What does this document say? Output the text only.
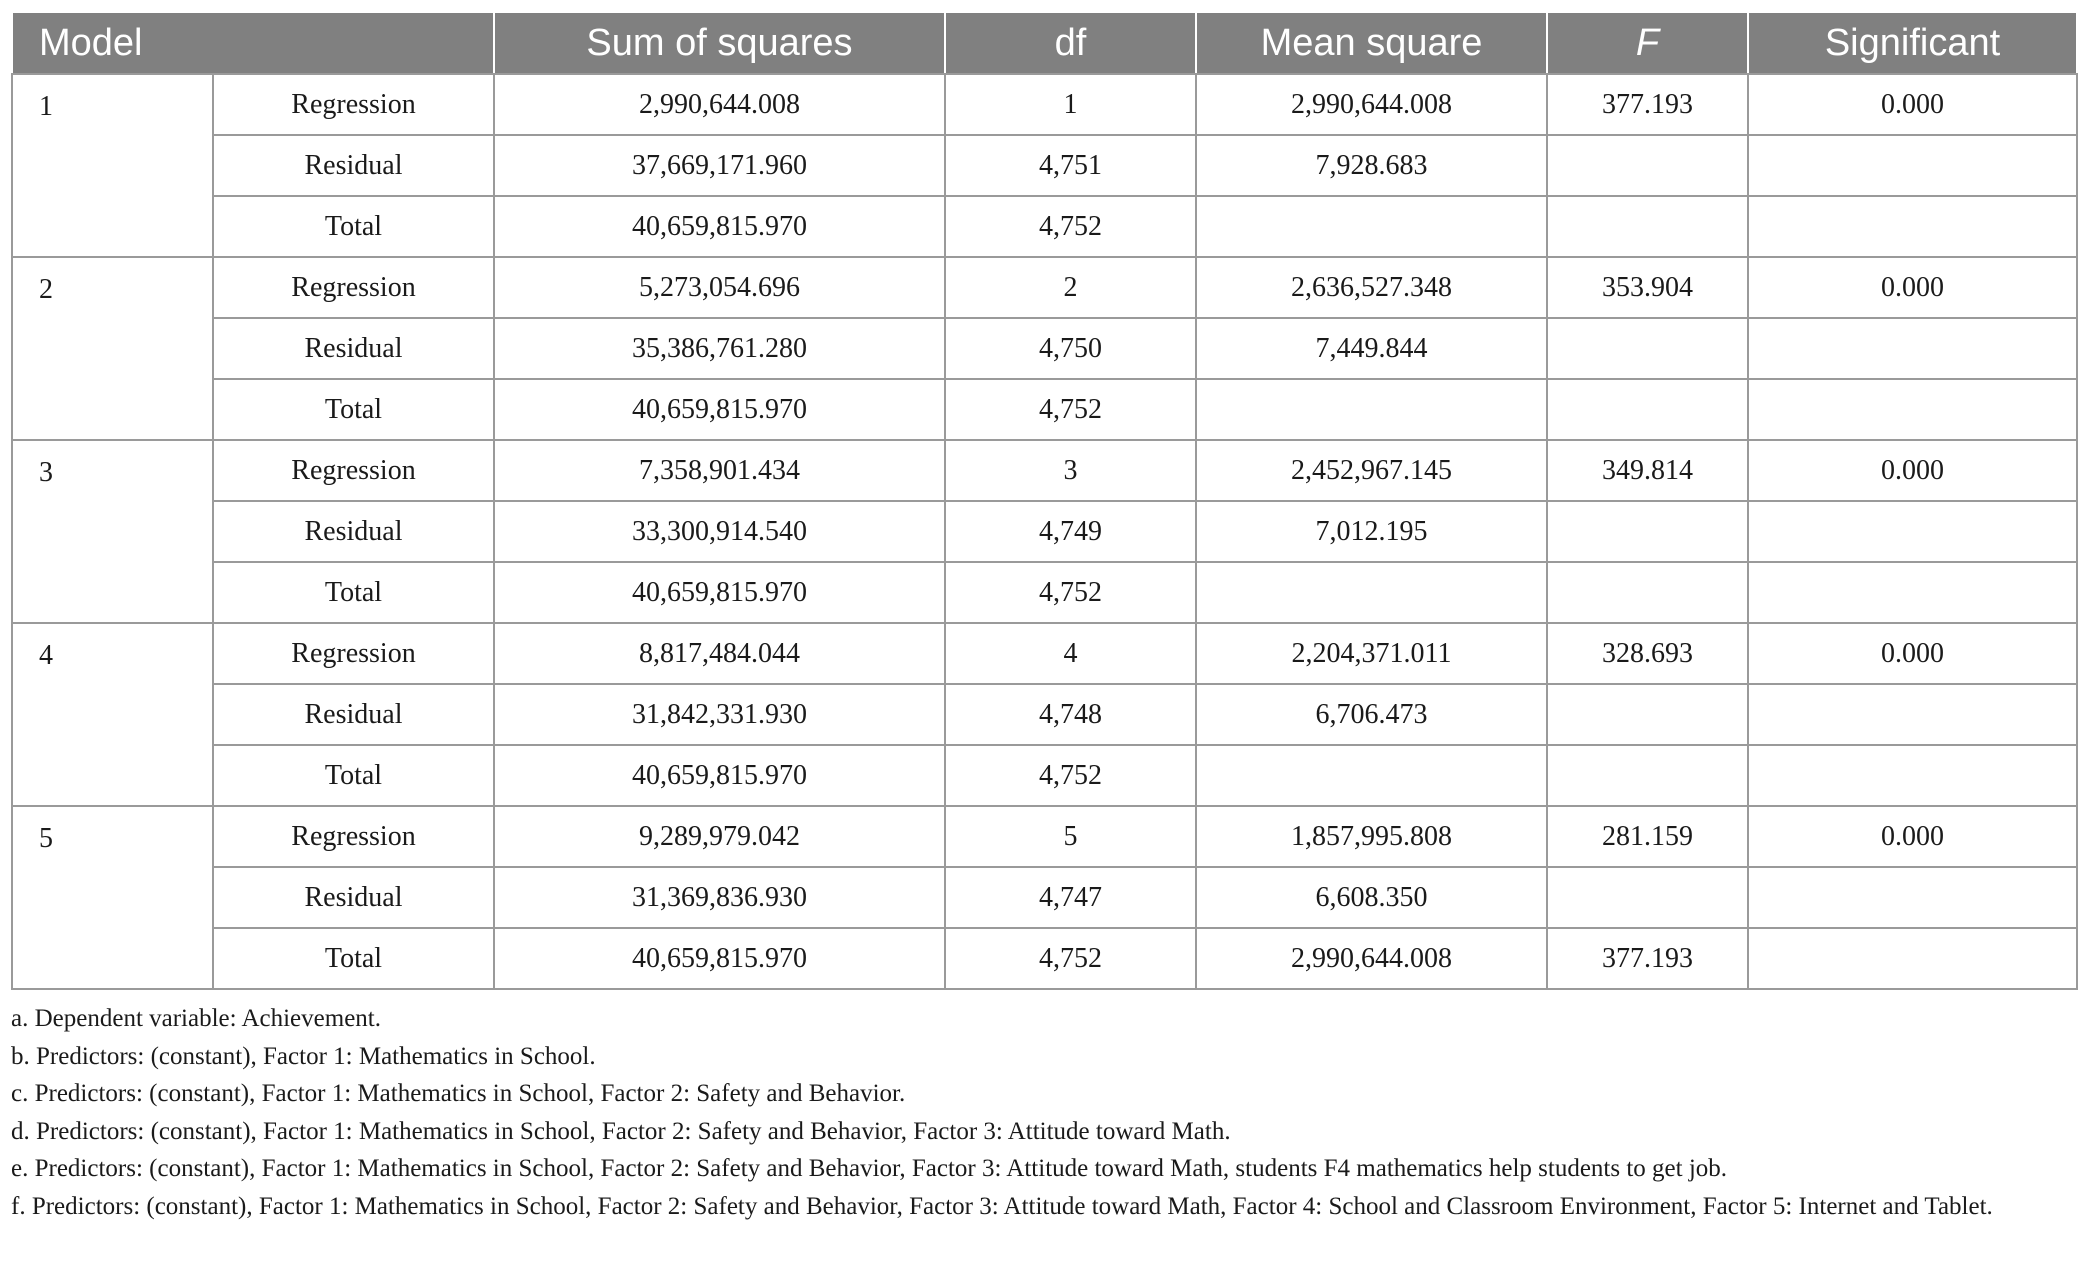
Model		Sum of squares	df	Mean square	F	Significant
1	Regression	2,990,644.008	1	2,990,644.008	377.193	0.000
	Residual	37,669,171.960	4,751	7,928.683		
	Total	40,659,815.970	4,752			
2	Regression	5,273,054.696	2	2,636,527.348	353.904	0.000
	Residual	35,386,761.280	4,750	7,449.844		
	Total	40,659,815.970	4,752			
3	Regression	7,358,901.434	3	2,452,967.145	349.814	0.000
	Residual	33,300,914.540	4,749	7,012.195		
	Total	40,659,815.970	4,752			
4	Regression	8,817,484.044	4	2,204,371.011	328.693	0.000
	Residual	31,842,331.930	4,748	6,706.473		
	Total	40,659,815.970	4,752			
5	Regression	9,289,979.042	5	1,857,995.808	281.159	0.000
	Residual	31,369,836.930	4,747	6,608.350		
	Total	40,659,815.970	4,752	2,990,644.008	377.193	
a. Dependent variable: Achievement.
b. Predictors: (constant), Factor 1: Mathematics in School.
c. Predictors: (constant), Factor 1: Mathematics in School, Factor 2: Safety and Behavior.
d. Predictors: (constant), Factor 1: Mathematics in School, Factor 2: Safety and Behavior, Factor 3: Attitude toward Math.
e. Predictors: (constant), Factor 1: Mathematics in School, Factor 2: Safety and Behavior, Factor 3: Attitude toward Math, students F4 mathematics help students to get job.
f. Predictors: (constant), Factor 1: Mathematics in School, Factor 2: Safety and Behavior, Factor 3: Attitude toward Math, Factor 4: School and Classroom Environment, Factor 5: Internet and Tablet.
